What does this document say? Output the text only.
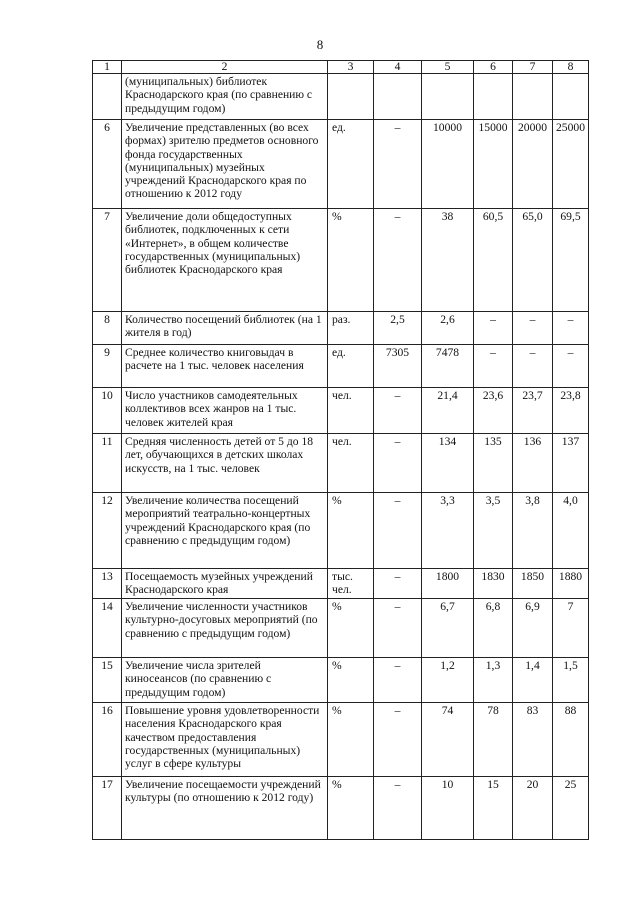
8
1	2	3	4	5	6	7	8
	(муниципальных) библиотек Краснодарского края (по сравнению с предыдущим годом)						
6	Увеличение представленных (во всех формах) зрителю предметов основного фонда государственных (муниципальных) музейных учреждений Краснодарского края по отношению к 2012 году	ед.	–	10000	15000	20000	25000
7	Увеличение доли общедоступных библиотек, подключенных к сети «Интернет», в общем количестве государственных (муниципальных) библиотек Краснодарского края	%	–	38	60,5	65,0	69,5
8	Количество посещений библиотек (на 1 жителя в год)	раз.	2,5	2,6	–	–	–
9	Среднее количество книговыдач в расчете на 1 тыс. человек населения	ед.	7305	7478	–	–	–
10	Число участников самодеятельных коллективов всех жанров на 1 тыс. человек жителей края	чел.	–	21,4	23,6	23,7	23,8
11	Средняя численность детей от 5 до 18 лет, обучающихся в детских школах искусств, на 1 тыс. человек	чел.	–	134	135	136	137
12	Увеличение количества посещений мероприятий театрально-концертных учреждений Краснодарского края (по сравнению с предыдущим годом)	%	–	3,3	3,5	3,8	4,0
13	Посещаемость музейных учреждений Краснодарского края	тыс. чел.	–	1800	1830	1850	1880
14	Увеличение численности участников культурно-досуговых мероприятий (по сравнению с предыдущим годом)	%	–	6,7	6,8	6,9	7
15	Увеличение числа зрителей киносеансов (по сравнению с предыдущим годом)	%	–	1,2	1,3	1,4	1,5
16	Повышение уровня удовлетворенности населения Краснодарского края качеством предоставления государственных (муниципальных) услуг в сфере культуры	%	–	74	78	83	88
17	Увеличение посещаемости учреждений культуры (по отношению к 2012 году)	%	–	10	15	20	25
